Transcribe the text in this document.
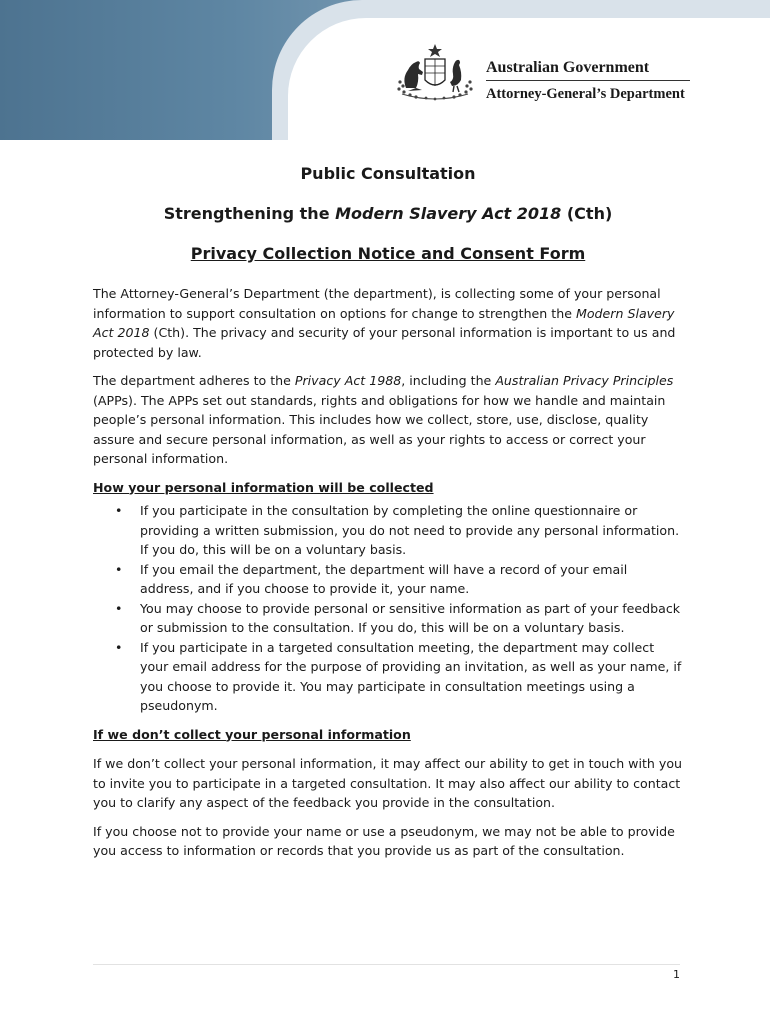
Australian Government
Attorney-General’s Department
Public Consultation
Strengthening the Modern Slavery Act 2018 (Cth)
Privacy Collection Notice and Consent Form

The Attorney-General’s Department (the department), is collecting some of your personal information to support consultation on options for change to strengthen the Modern Slavery Act 2018 (Cth). The privacy and security of your personal information is important to us and protected by law.

The department adheres to the Privacy Act 1988, including the Australian Privacy Principles (APPs). The APPs set out standards, rights and obligations for how we handle and maintain people’s personal information. This includes how we collect, store, use, disclose, quality assure and secure personal information, as well as your rights to access or correct your personal information.

How your personal information will be collected
• If you participate in the consultation by completing the online questionnaire or providing a written submission, you do not need to provide any personal information. If you do, this will be on a voluntary basis.
• If you email the department, the department will have a record of your email address, and if you choose to provide it, your name.
• You may choose to provide personal or sensitive information as part of your feedback or submission to the consultation. If you do, this will be on a voluntary basis.
• If you participate in a targeted consultation meeting, the department may collect your email address for the purpose of providing an invitation, as well as your name, if you choose to provide it. You may participate in consultation meetings using a pseudonym.
If we don’t collect your personal information

If we don’t collect your personal information, it may affect our ability to get in touch with you to invite you to participate in a targeted consultation. It may also affect our ability to contact you to clarify any aspect of the feedback you provide in the consultation.

If you choose not to provide your name or use a pseudonym, we may not be able to provide you access to information or records that you provide us as part of the consultation.

1
